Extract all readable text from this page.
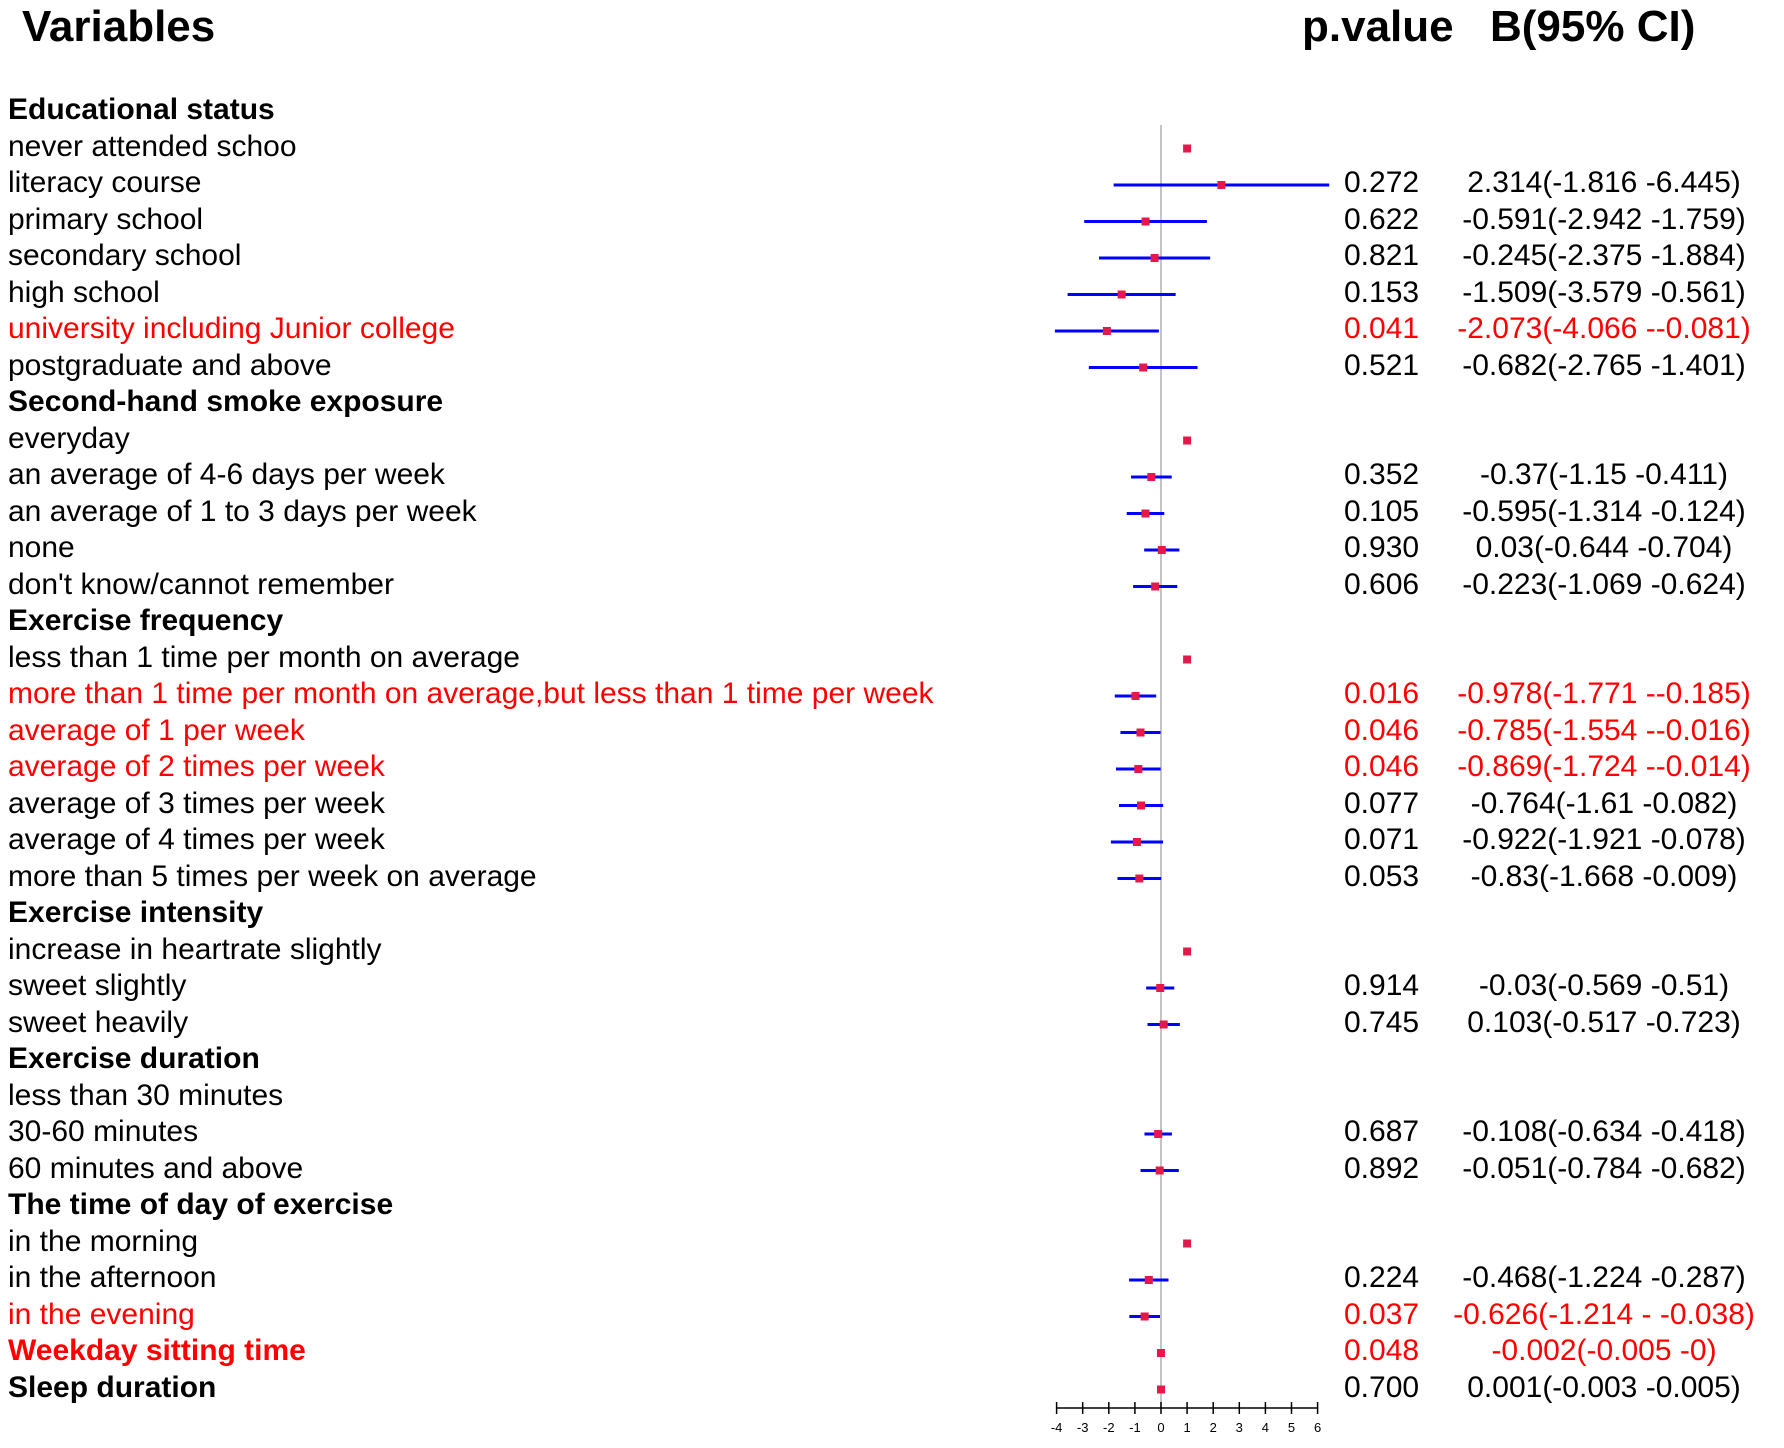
Variables	p.value B(95% CI)
-4 -3 -2 -1 0 1 2 3 4 5 6
Educational status
never attended schoo
literacy course	0.272 2.314(-1.816 -6.445)
primary school	0.622 -0.591(-2.942 -1.759)
secondary school	0.821 -0.245(-2.375 -1.884)
high school	0.153 -1.509(-3.579 -0.561)
university including Junior college	0.041 -2.073(-4.066 --0.081)
postgraduate and above	0.521 -0.682(-2.765 -1.401)
Second-hand smoke exposure
everyday
an average of 4-6 days per week	0.352 -0.37(-1.15 -0.411)
an average of 1 to 3 days per week	0.105 -0.595(-1.314 -0.124)
none	0.930 0.03(-0.644 -0.704)
don't know/cannot remember	0.606 -0.223(-1.069 -0.624)
Exercise frequency
less than 1 time per month on average
more than 1 time per month on average,but less than 1 time per week	0.016 -0.978(-1.771 --0.185)
average of 1 per week	0.046 -0.785(-1.554 --0.016)
average of 2 times per week	0.046 -0.869(-1.724 --0.014)
average of 3 times per week	0.077 -0.764(-1.61 -0.082)
average of 4 times per week	0.071 -0.922(-1.921 -0.078)
more than 5 times per week on average	0.053 -0.83(-1.668 -0.009)
Exercise intensity
increase in heartrate slightly
sweet slightly	0.914 -0.03(-0.569 -0.51)
sweet heavily	0.745 0.103(-0.517 -0.723)
Exercise duration
less than 30 minutes
30-60 minutes	0.687 -0.108(-0.634 -0.418)
60 minutes and above	0.892 -0.051(-0.784 -0.682)
The time of day of exercise
in the morning
in the afternoon	0.224 -0.468(-1.224 -0.287)
in the evening	0.037 -0.626(-1.214 - -0.038)
Weekday sitting time	0.048 -0.002(-0.005 -0)
Sleep duration	0.700 0.001(-0.003 -0.005)
